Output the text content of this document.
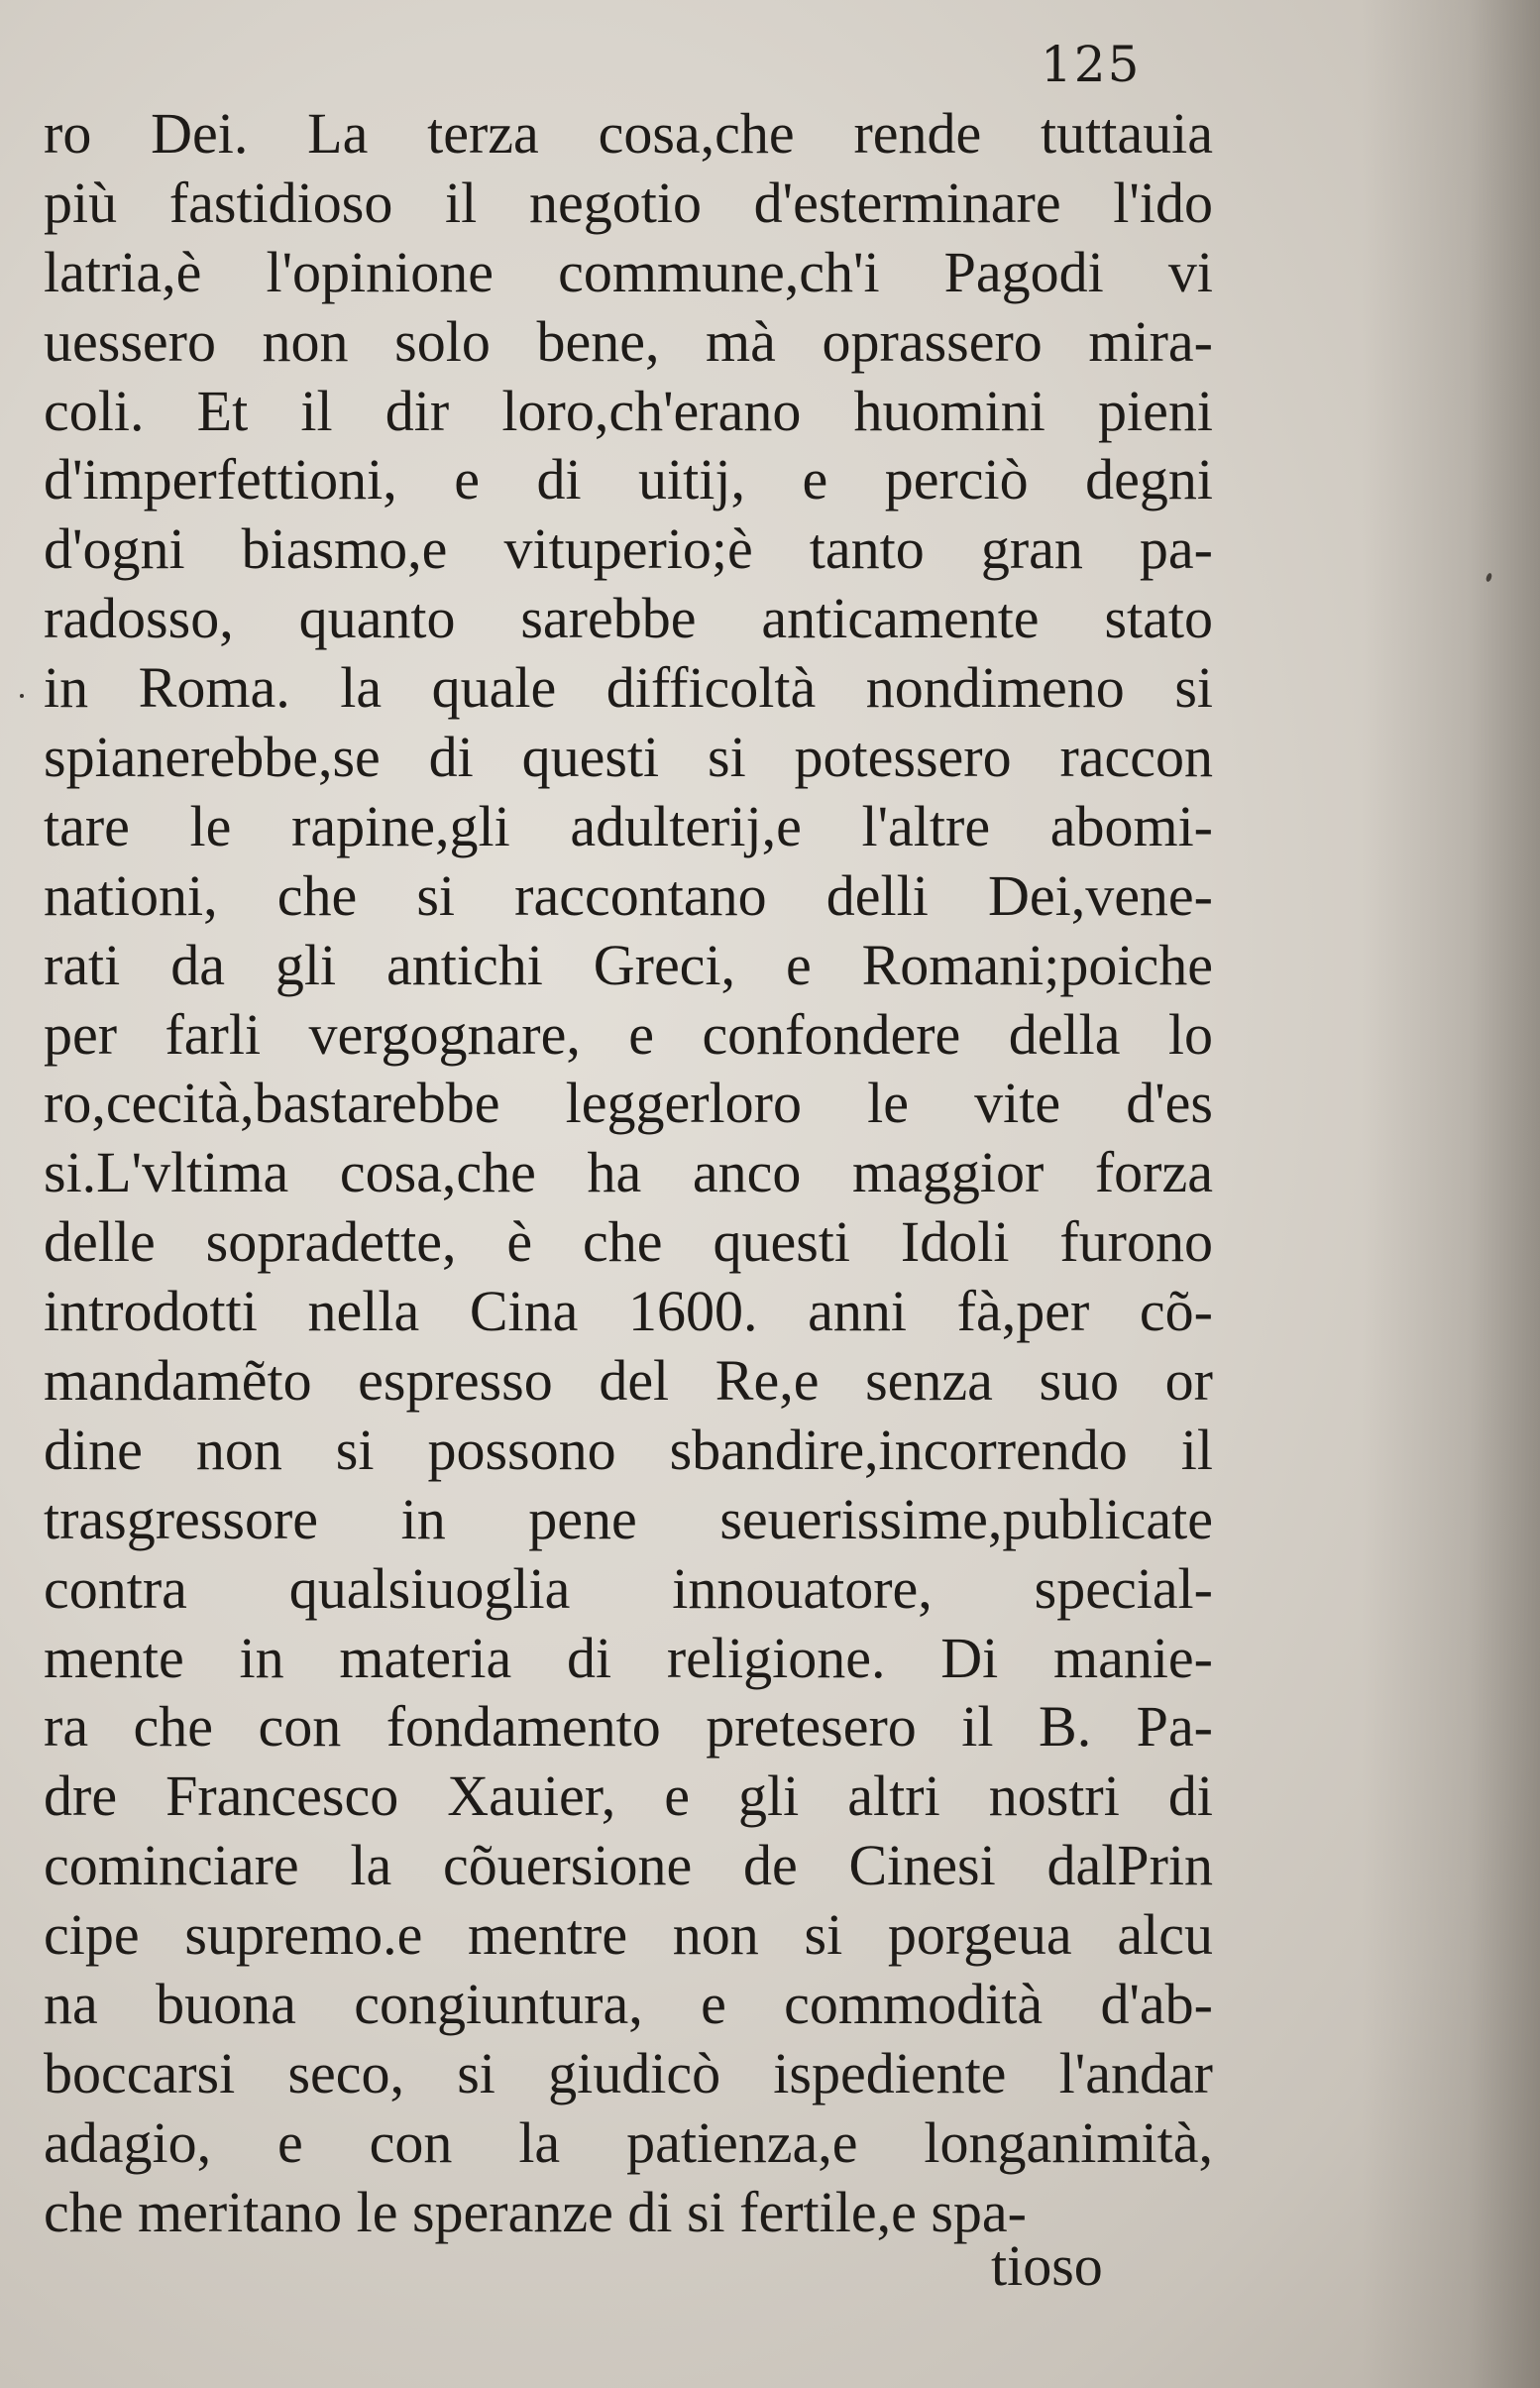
125
ro Dei. La terza cosa,che rende tuttauia
più fastidioso il negotio d'esterminare l'ido
latria,è l'opinione commune,ch'i Pagodi vi
uessero non solo bene, mà oprassero mira-
coli. Et il dir loro,ch'erano huomini pieni
d'imperfettioni, e di uitij, e perciò degni
d'ogni biasmo,e vituperio;è tanto gran pa-
radosso, quanto sarebbe anticamente stato
in Roma. la quale difficoltà nondimeno si
spianerebbe,se di questi si potessero raccon
tare le rapine,gli adulterij,e l'altre abomi-
nationi, che si raccontano delli Dei,vene-
rati da gli antichi Greci, e Romani;poiche
per farli vergognare, e confondere della lo
ro,cecità,bastarebbe leggerloro le vite d'es
si.L'vltima cosa,che ha anco maggior forza
delle sopradette, è che questi Idoli furono
introdotti nella Cina 1600. anni fà,per cõ-
mandamẽto espresso del Re,e senza suo or
dine non si possono sbandire,incorrendo il
trasgressore in pene seuerissime,publicate
contra qualsiuoglia innouatore, special-
mente in materia di religione. Di manie-
ra che con fondamento pretesero il B. Pa-
dre Francesco Xauier, e gli altri nostri di
cominciare la cõuersione de Cinesi dalPrin
cipe supremo.e mentre non si porgeua alcu
na buona congiuntura, e commodità d'ab-
boccarsi seco, si giudicò ispediente l'andar
adagio, e con la patienza,e longanimità,
che meritano le speranze di si fertile,e spa-
tioso
